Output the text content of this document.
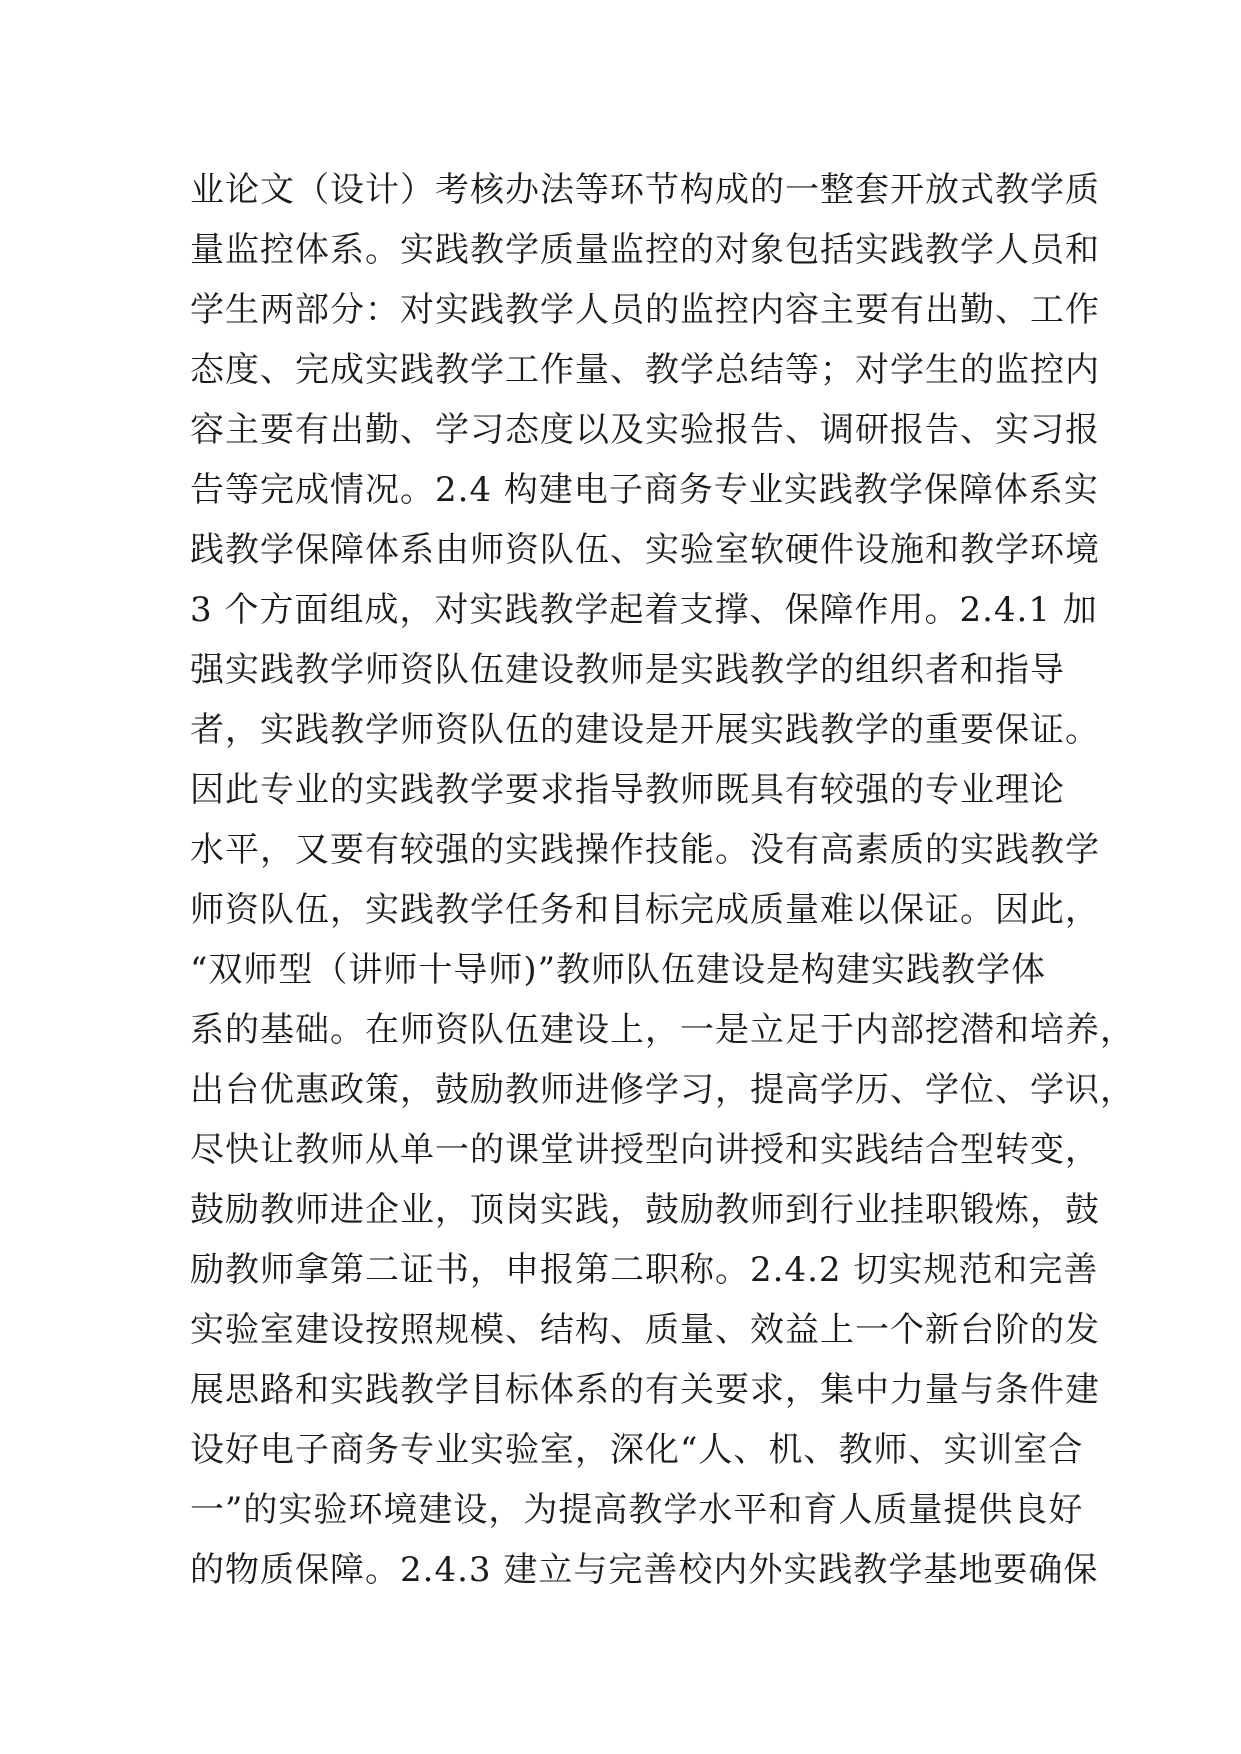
业论文（设计）考核办法等环节构成的一整套开放式教学质
量监控体系。实践教学质量监控的对象包括实践教学人员和
学生两部分：对实践教学人员的监控内容主要有出勤、工作
态度、完成实践教学工作量、教学总结等；对学生的监控内
容主要有出勤、学习态度以及实验报告、调研报告、实习报
告等完成情况。2.4 构建电子商务专业实践教学保障体系实
践教学保障体系由师资队伍、实验室软硬件设施和教学环境
3 个方面组成，对实践教学起着支撑、保障作用。2.4.1 加
强实践教学师资队伍建设教师是实践教学的组织者和指导
者，实践教学师资队伍的建设是开展实践教学的重要保证。
因此专业的实践教学要求指导教师既具有较强的专业理论
水平，又要有较强的实践操作技能。没有高素质的实践教学
师资队伍，实践教学任务和目标完成质量难以保证。因此，
“双师型（讲师十导师)”教师队伍建设是构建实践教学体
系的基础。在师资队伍建设上，一是立足于内部挖潜和培养，
出台优惠政策，鼓励教师进修学习，提高学历、学位、学识，
尽快让教师从单一的课堂讲授型向讲授和实践结合型转变，
鼓励教师进企业，顶岗实践，鼓励教师到行业挂职锻炼，鼓
励教师拿第二证书，申报第二职称。2.4.2 切实规范和完善
实验室建设按照规模、结构、质量、效益上一个新台阶的发
展思路和实践教学目标体系的有关要求，集中力量与条件建
设好电子商务专业实验室，深化“人、机、教师、实训室合
一”的实验环境建设，为提高教学水平和育人质量提供良好
的物质保障。2.4.3 建立与完善校内外实践教学基地要确保
